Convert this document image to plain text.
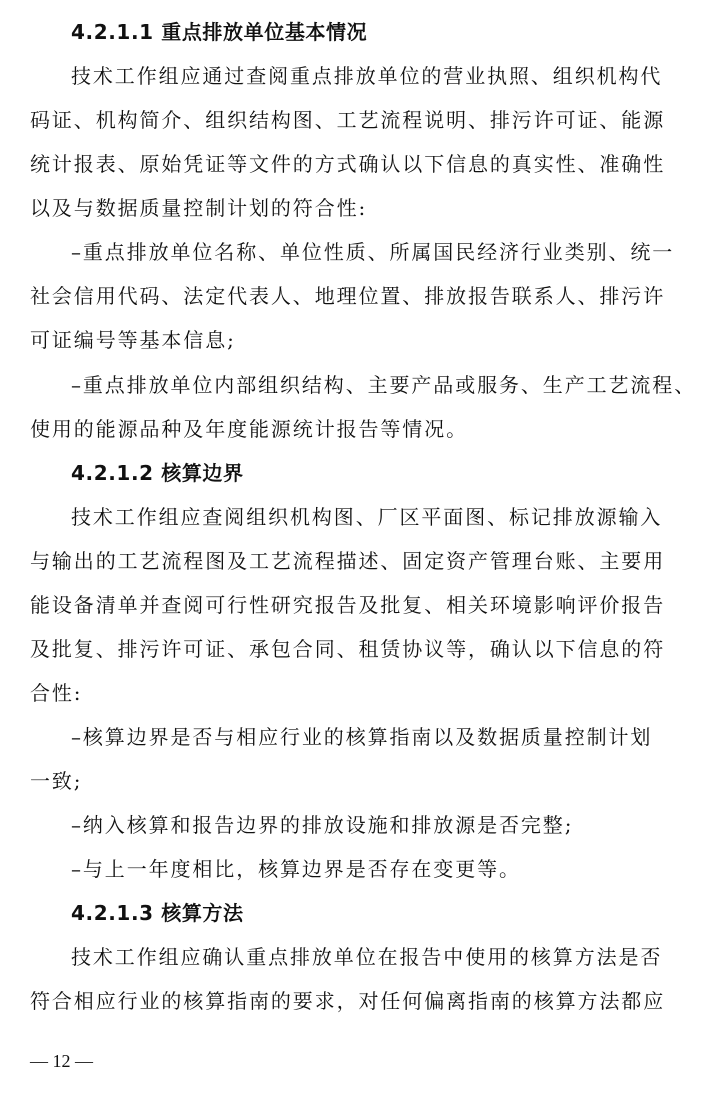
4.2.1.1 重点排放单位基本情况
技术工作组应通过查阅重点排放单位的营业执照、组织机构代
码证、机构简介、组织结构图、工艺流程说明、排污许可证、能源
统计报表、原始凭证等文件的方式确认以下信息的真实性、准确性
以及与数据质量控制计划的符合性:
–重点排放单位名称、单位性质、所属国民经济行业类别、统一
社会信用代码、法定代表人、地理位置、排放报告联系人、排污许
可证编号等基本信息;
–重点排放单位内部组织结构、主要产品或服务、生产工艺流程、
使用的能源品种及年度能源统计报告等情况。
4.2.1.2 核算边界
技术工作组应查阅组织机构图、厂区平面图、标记排放源输入
与输出的工艺流程图及工艺流程描述、固定资产管理台账、主要用
能设备清单并查阅可行性研究报告及批复、相关环境影响评价报告
及批复、排污许可证、承包合同、租赁协议等，确认以下信息的符
合性:
–核算边界是否与相应行业的核算指南以及数据质量控制计划
一致;
–纳入核算和报告边界的排放设施和排放源是否完整;
–与上一年度相比，核算边界是否存在变更等。
4.2.1.3 核算方法
技术工作组应确认重点排放单位在报告中使用的核算方法是否
符合相应行业的核算指南的要求，对任何偏离指南的核算方法都应
— 12 —
